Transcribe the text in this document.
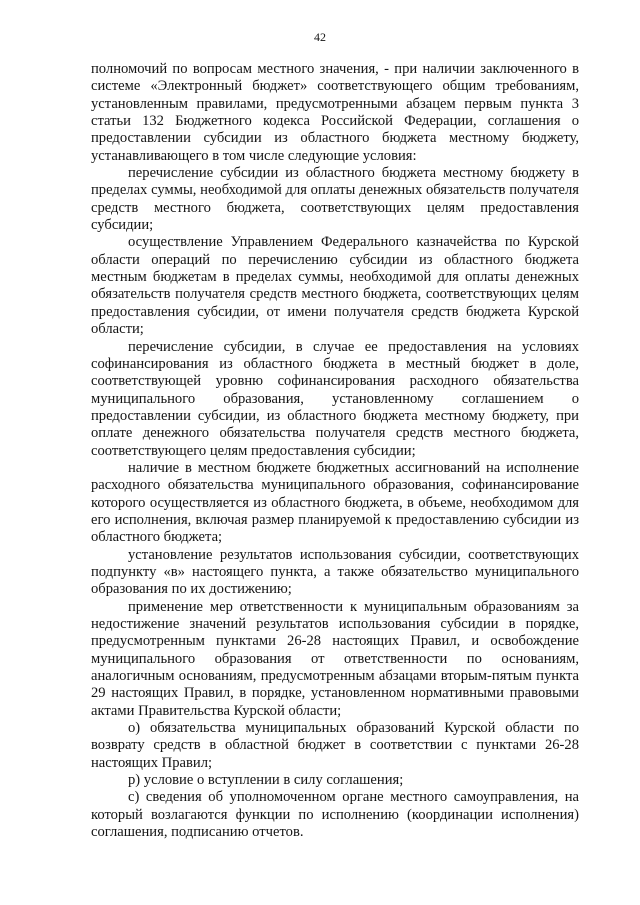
42

полномочий по вопросам местного значения, - при наличии заключенного в системе «Электронный бюджет» соответствующего общим требованиям, установленным правилами, предусмотренными абзацем первым пункта 3 статьи 132 Бюджетного кодекса Российской Федерации, соглашения о предоставлении субсидии из областного бюджета местному бюджету, устанавливающего в том числе следующие условия:

перечисление субсидии из областного бюджета местному бюджету в пределах суммы, необходимой для оплаты денежных обязательств получателя средств местного бюджета, соответствующих целям предоставления субсидии;

осуществление Управлением Федерального казначейства по Курской области операций по перечислению субсидии из областного бюджета местным бюджетам в пределах суммы, необходимой для оплаты денежных обязательств получателя средств местного бюджета, соответствующих целям предоставления субсидии, от имени получателя средств бюджета Курской области;

перечисление субсидии, в случае ее предоставления на условиях софинансирования из областного бюджета в местный бюджет в доле, соответствующей уровню софинансирования расходного обязательства муниципального образования, установленному соглашением о предоставлении субсидии, из областного бюджета местному бюджету, при оплате денежного обязательства получателя средств местного бюджета, соответствующего целям предоставления субсидии;

наличие в местном бюджете бюджетных ассигнований на исполнение расходного обязательства муниципального образования, софинансирование которого осуществляется из областного бюджета, в объеме, необходимом для его исполнения, включая размер планируемой к предоставлению субсидии из областного бюджета;

установление результатов использования субсидии, соответствующих подпункту «в» настоящего пункта, а также обязательство муниципального образования по их достижению;

применение мер ответственности к муниципальным образованиям за недостижение значений результатов использования субсидии в порядке, предусмотренным пунктами 26-28 настоящих Правил, и освобождение муниципального образования от ответственности по основаниям, аналогичным основаниям, предусмотренным абзацами вторым-пятым пункта 29 настоящих Правил, в порядке, установленном нормативными правовыми актами Правительства Курской области;

о) обязательства муниципальных образований Курской области по возврату средств в областной бюджет в соответствии с пунктами 26-28 настоящих Правил;

р) условие о вступлении в силу соглашения;

с) сведения об уполномоченном органе местного самоуправления, на который возлагаются функции по исполнению (координации исполнения) соглашения, подписанию отчетов.
